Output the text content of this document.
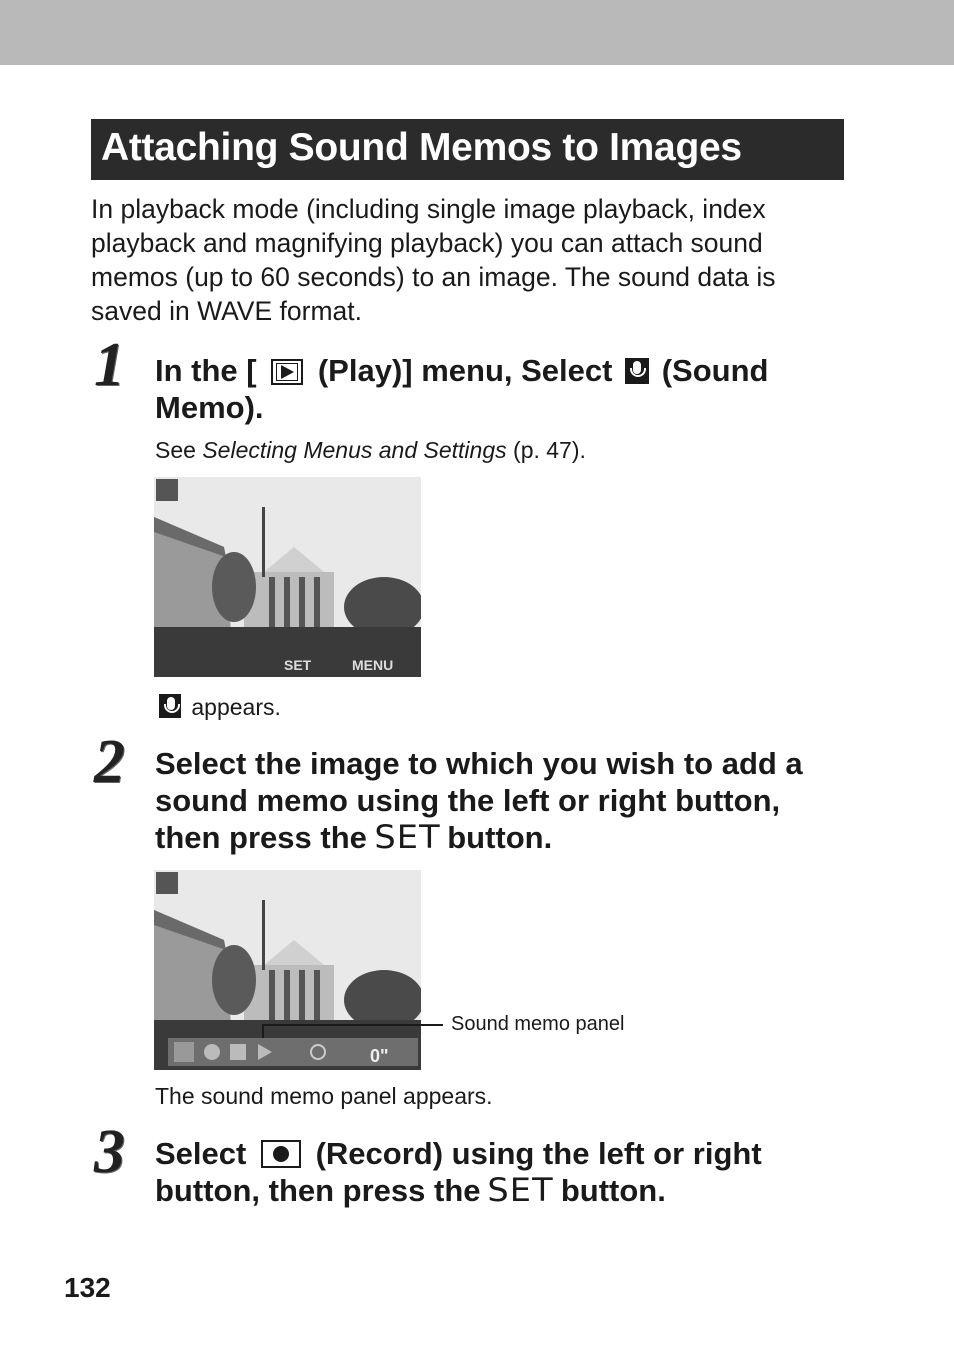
Attaching Sound Memos to Images
In playback mode (including single image playback, index playback and magnifying playback) you can attach sound memos (up to 60 seconds) to an image. The sound data is saved in WAVE format.
1 In the [ (Play)] menu, Select (Sound Memo).
See Selecting Menus and Settings (p. 47).
SET	MENU
appears.
2 Select the image to which you wish to add a sound memo using the left or right button, then press the SET button.
0"
Sound memo panel
The sound memo panel appears.
3 Select (Record) using the left or right button, then press the SET button.
132
